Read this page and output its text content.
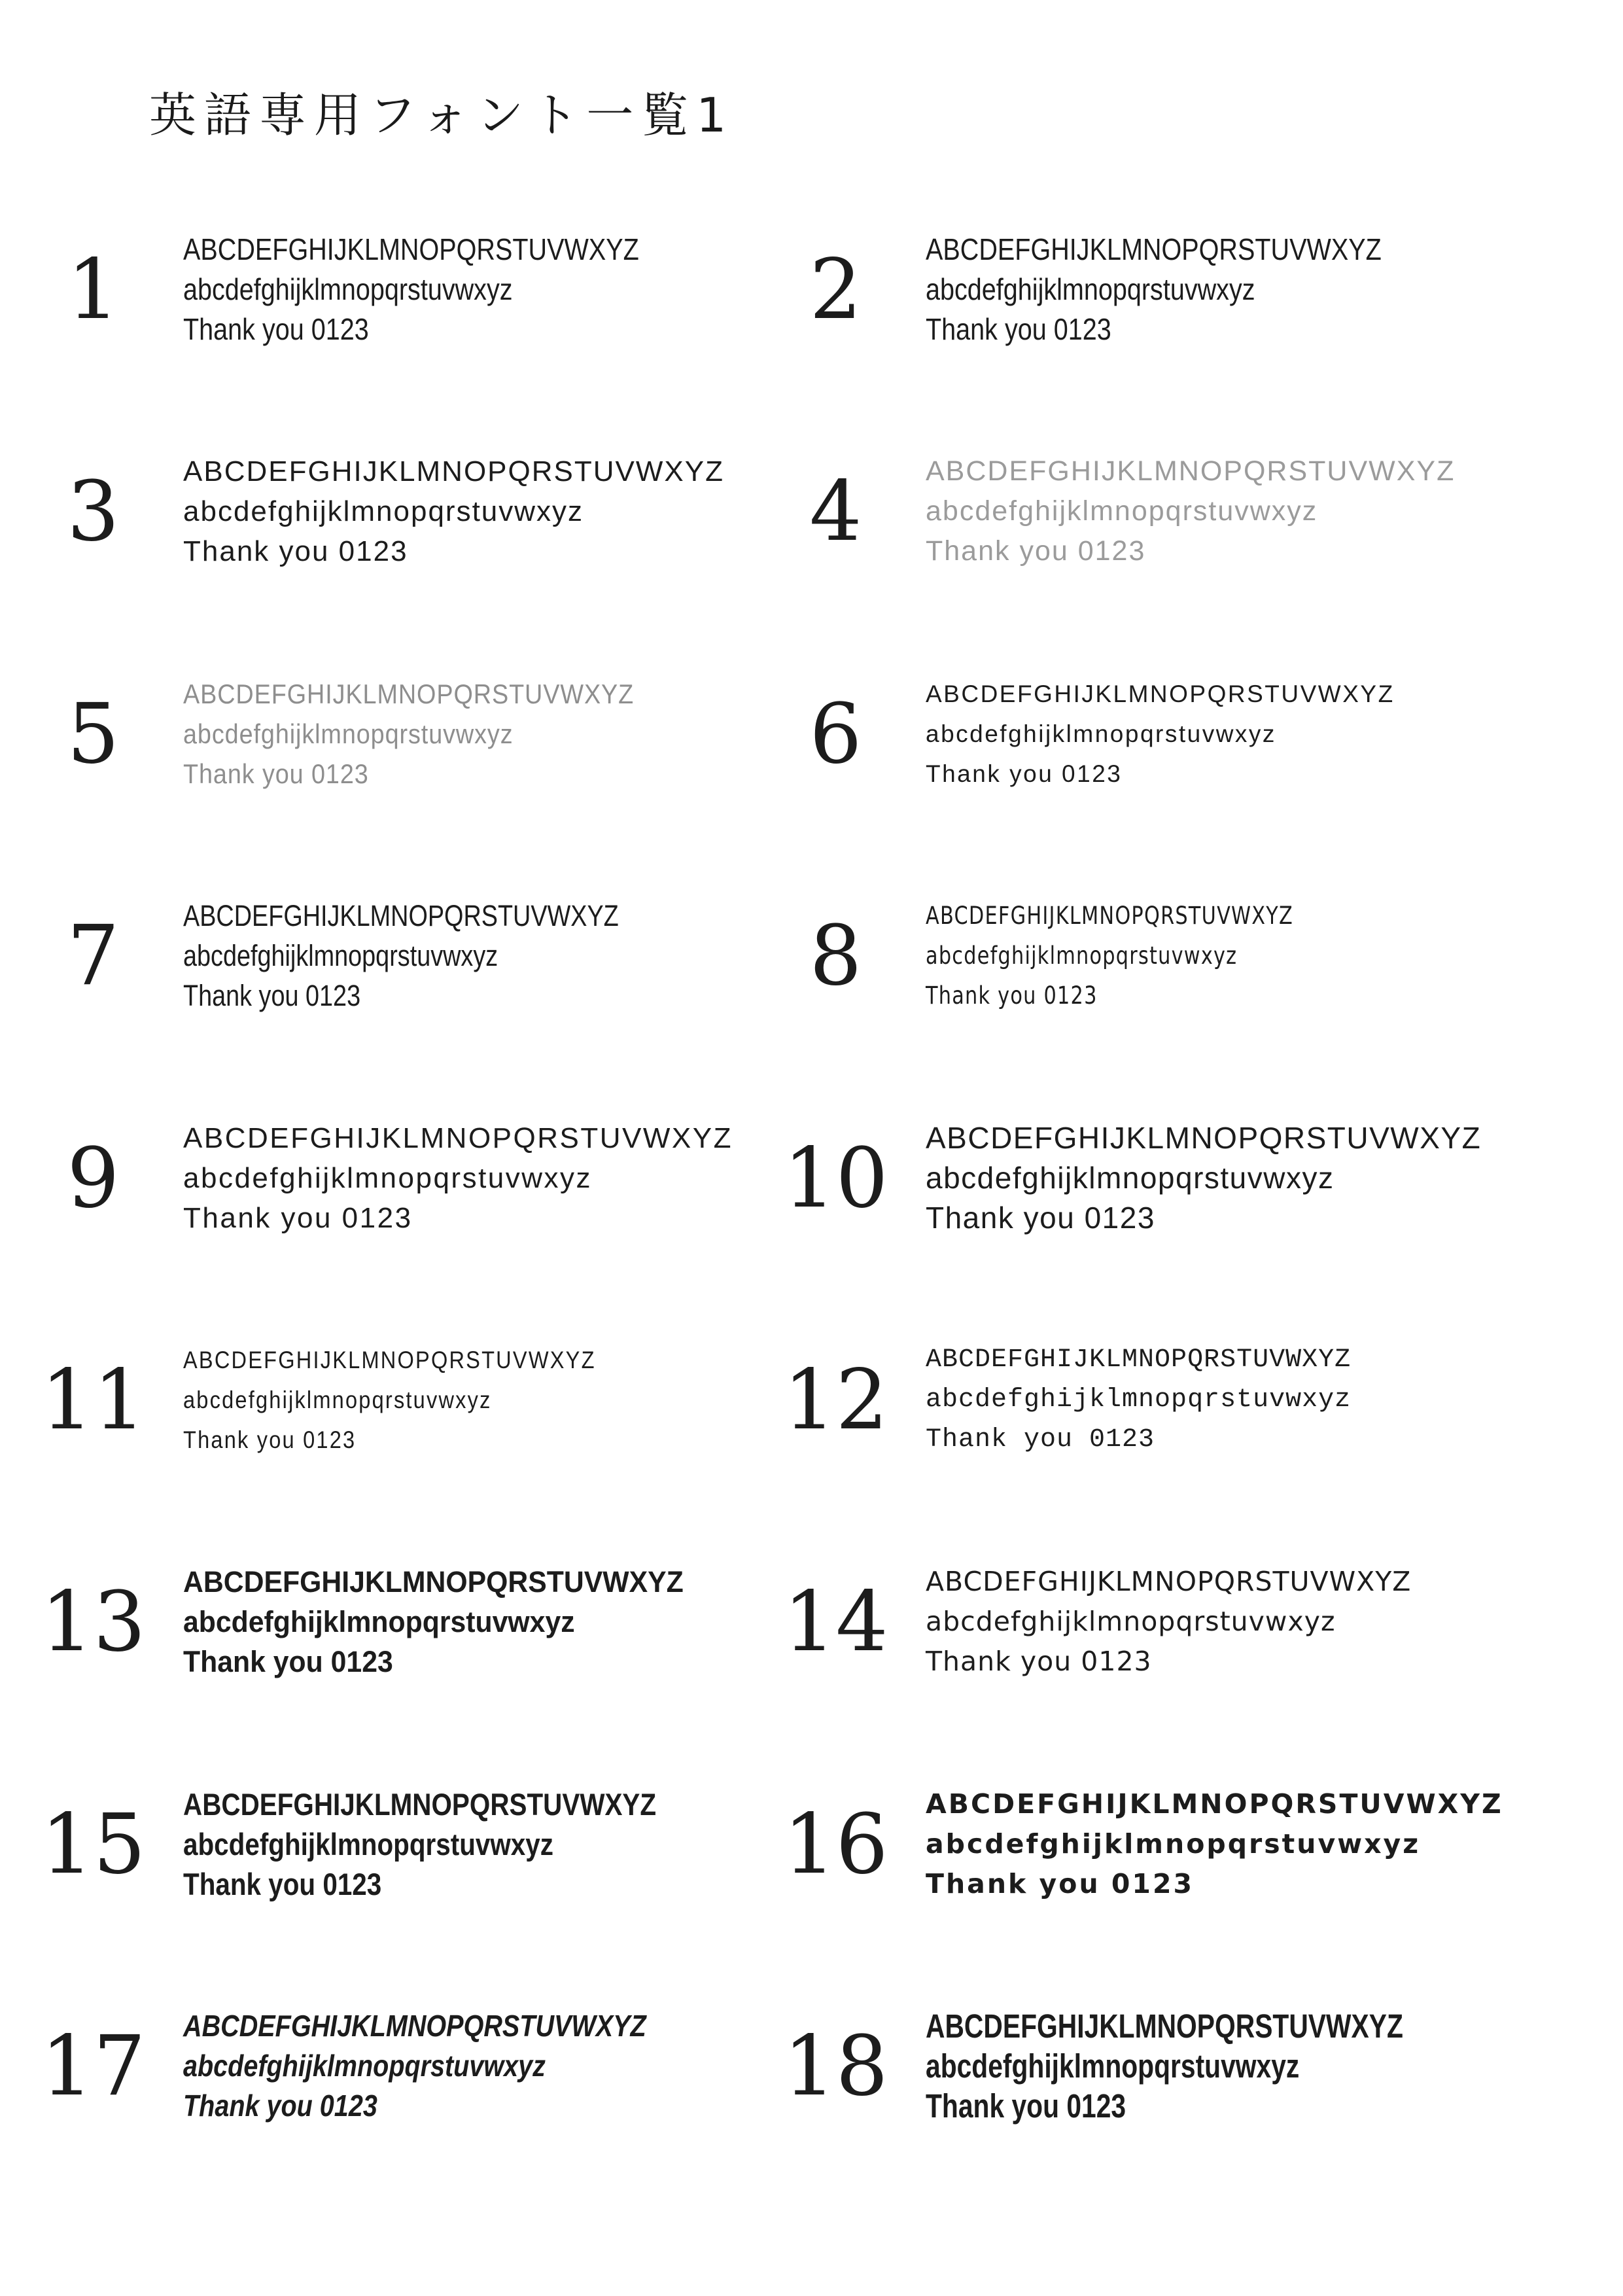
英語専用フォント一覧1
1	ABCDEFGHIJKLMNOPQRSTUVWXYZ
abcdefghijklmnopqrstuvwxyz
Thank you 0123	2	ABCDEFGHIJKLMNOPQRSTUVWXYZ
abcdefghijklmnopqrstuvwxyz
Thank you 0123
3	ABCDEFGHIJKLMNOPQRSTUVWXYZ
abcdefghijklmnopqrstuvwxyz
Thank you 0123	4	ABCDEFGHIJKLMNOPQRSTUVWXYZ
abcdefghijklmnopqrstuvwxyz
Thank you 0123
5	ABCDEFGHIJKLMNOPQRSTUVWXYZ
abcdefghijklmnopqrstuvwxyz
Thank you 0123	6	ABCDEFGHIJKLMNOPQRSTUVWXYZ
abcdefghijklmnopqrstuvwxyz
Thank you 0123
7	ABCDEFGHIJKLMNOPQRSTUVWXYZ
abcdefghijklmnopqrstuvwxyz
Thank you 0123	8	ABCDEFGHIJKLMNOPQRSTUVWXYZ
abcdefghijklmnopqrstuvwxyz
Thank you 0123
9	ABCDEFGHIJKLMNOPQRSTUVWXYZ
abcdefghijklmnopqrstuvwxyz
Thank you 0123	10 ABCDEFGHIJKLMNOPQRSTUVWXYZ
abcdefghijklmnopqrstuvwxyz
Thank you 0123
11 ABCDEFGHIJKLMNOPQRSTUVWXYZ
abcdefghijklmnopqrstuvwxyz
Thank you 0123	12 ABCDEFGHIJKLMNOPQRSTUVWXYZ
abcdefghijklmnopqrstuvwxyz
Thank you 0123
13 ABCDEFGHIJKLMNOPQRSTUVWXYZ
abcdefghijklmnopqrstuvwxyz
Thank you 0123	14 ABCDEFGHIJKLMNOPQRSTUVWXYZ
abcdefghijklmnopqrstuvwxyz
Thank you 0123
15 ABCDEFGHIJKLMNOPQRSTUVWXYZ
abcdefghijklmnopqrstuvwxyz
Thank you 0123	16 ABCDEFGHIJKLMNOPQRSTUVWXYZ
abcdefghijklmnopqrstuvwxyz
Thank you 0123
17 ABCDEFGHIJKLMNOPQRSTUVWXYZ
abcdefghijklmnopqrstuvwxyz
Thank you 0123	18 ABCDEFGHIJKLMNOPQRSTUVWXYZ
abcdefghijklmnopqrstuvwxyz
Thank you 0123
